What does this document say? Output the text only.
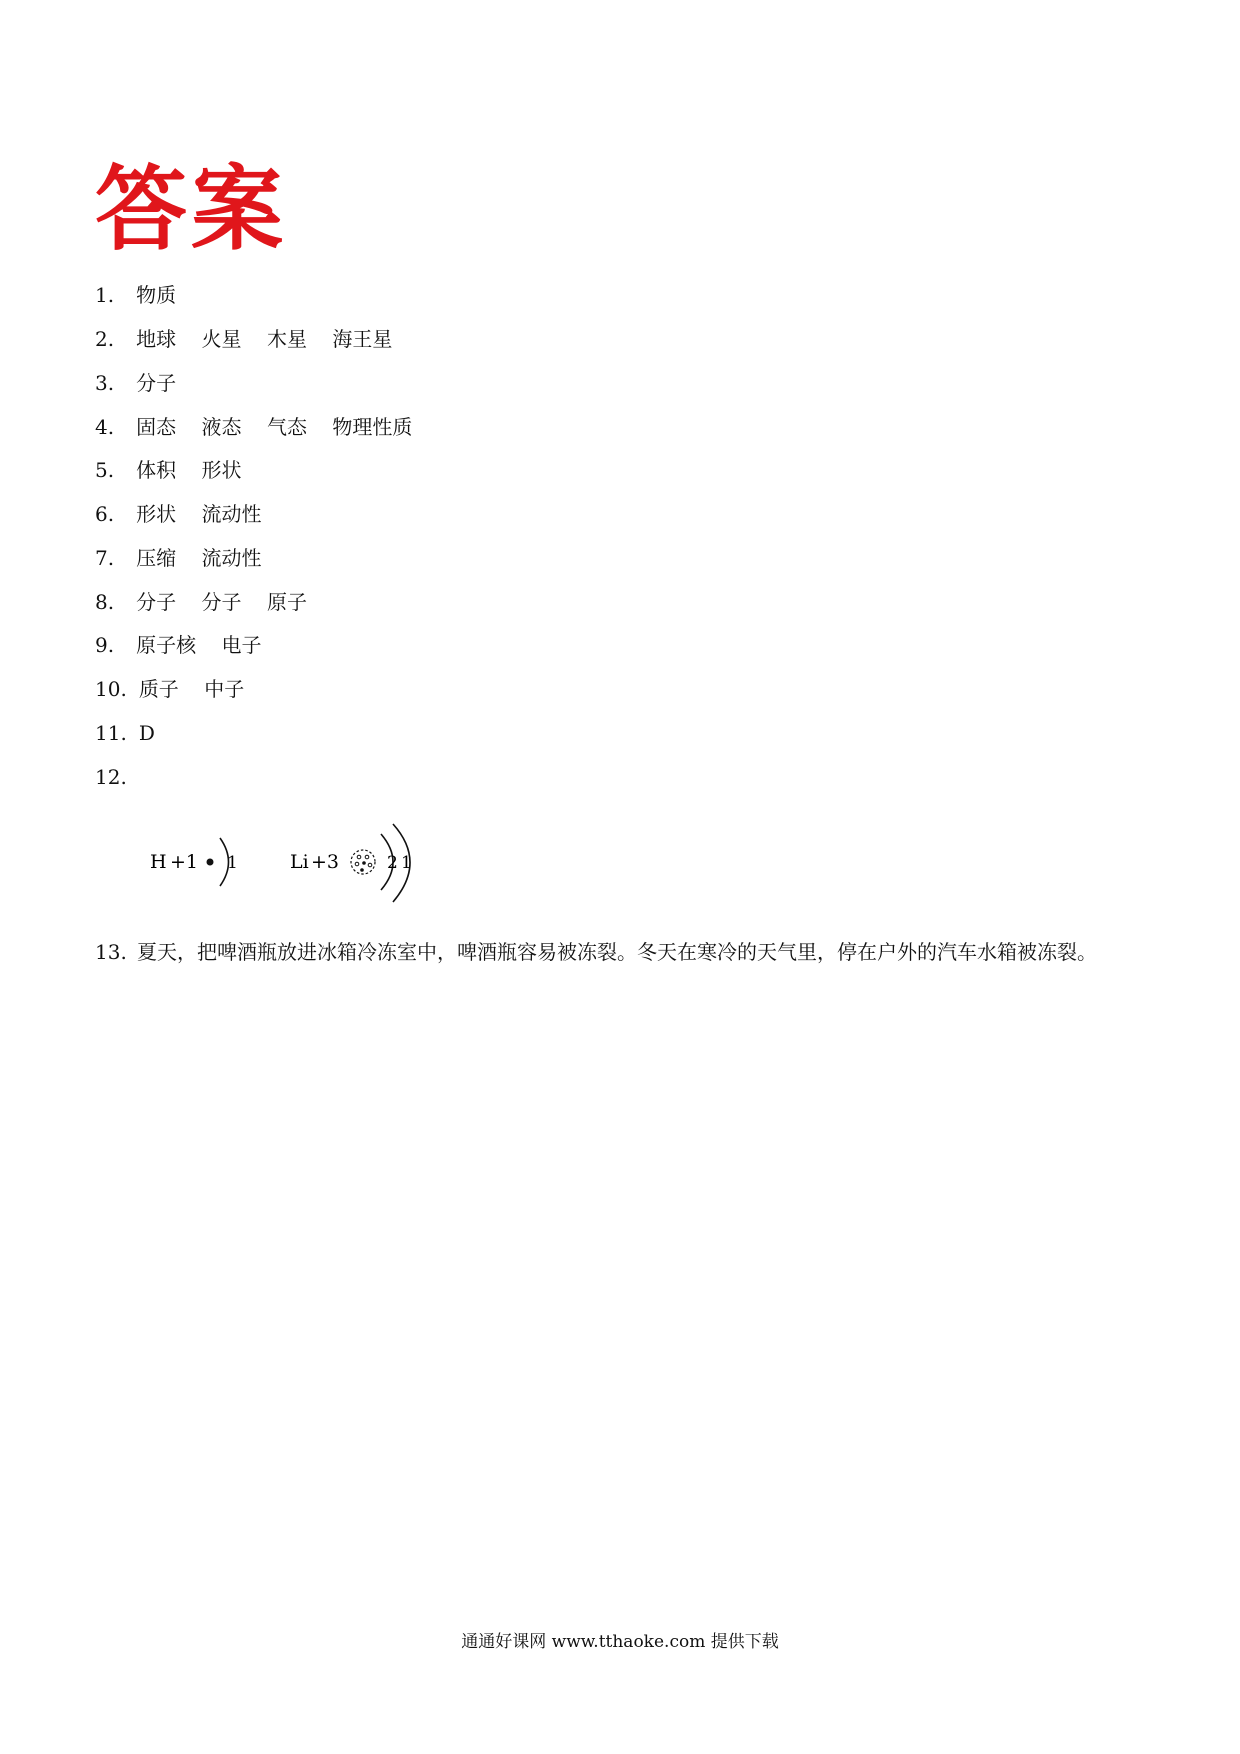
答案
1. 物质
2. 地球 火星 木星 海王星
3. 分子
4. 固态 液态 气态 物理性质
5. 体积 形状
6. 形状 流动性
7. 压缩 流动性
8. 分子 分子 原子
9. 原子核 电子
10. 质子 中子
11. D
12.
H +1 1	Li +3	2 1
13. 夏天，把啤酒瓶放进冰箱冷冻室中，啤酒瓶容易被冻裂。冬天在寒冷的天气里，停在户外的汽车水箱被冻裂。
通通好课网 www.tthaoke.com 提供下载
